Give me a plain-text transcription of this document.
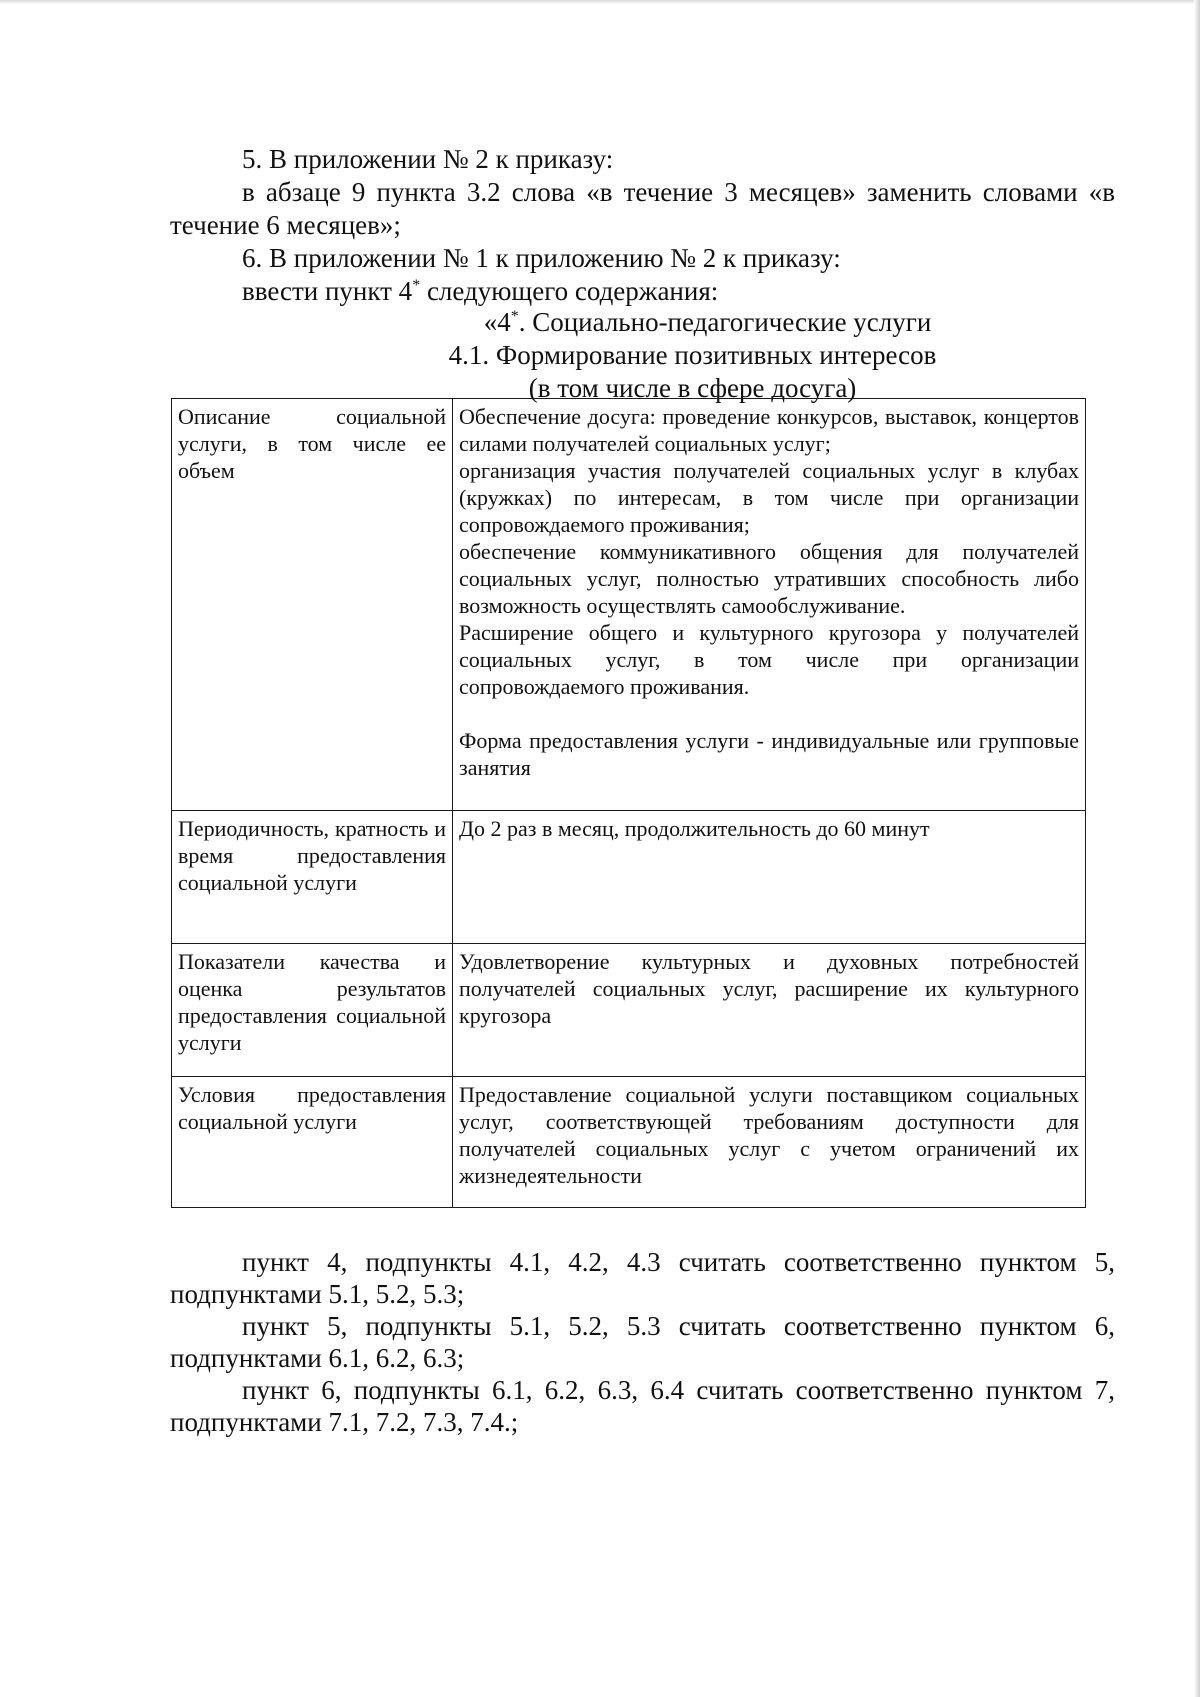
5. В приложении № 2 к приказу:

в абзаце 9 пункта 3.2 слова «в течение 3 месяцев» заменить словами «в течение 6 месяцев»;

6. В приложении № 1 к приложению № 2 к приказу:

ввести пункт 4* следующего содержания:

«4*. Социально-педагогические услуги

4.1. Формирование позитивных интересов

(в том числе в сфере досуга)

Описание социальной услуги, в том числе ее объем	Обеспечение досуга: проведение конкурсов, выставок, концертов силами получателей социальных услуг;
организация участия получателей социальных услуг в клубах (кружках) по интересам, в том числе при организации сопровождаемого проживания;
обеспечение коммуникативного общения для получателей социальных услуг, полностью утративших способность либо возможность осуществлять самообслуживание.
Расширение общего и культурного кругозора у получателей социальных услуг, в том числе при организации сопровождаемого проживания.
Форма предоставления услуги - индивидуальные или групповые занятия

Периодичность, кратность и время предоставления социальной услуги	До 2 раз в месяц, продолжительность до 60 минут
Показатели качества и оценка результатов предоставления социальной услуги	Удовлетворение культурных и духовных потребностей получателей социальных услуг, расширение их культурного кругозора
Условия предоставления социальной услуги	Предоставление социальной услуги поставщиком социальных услуг, соответствующей требованиям доступности для получателей социальных услуг с учетом ограничений их жизнедеятельности

пункт 4, подпункты 4.1, 4.2, 4.3 считать соответственно пунктом 5, подпунктами 5.1, 5.2, 5.3;

пункт 5, подпункты 5.1, 5.2, 5.3 считать соответственно пунктом 6, подпунктами 6.1, 6.2, 6.3;

пункт 6, подпункты 6.1, 6.2, 6.3, 6.4 считать соответственно пунктом 7, подпунктами 7.1, 7.2, 7.3, 7.4.;
